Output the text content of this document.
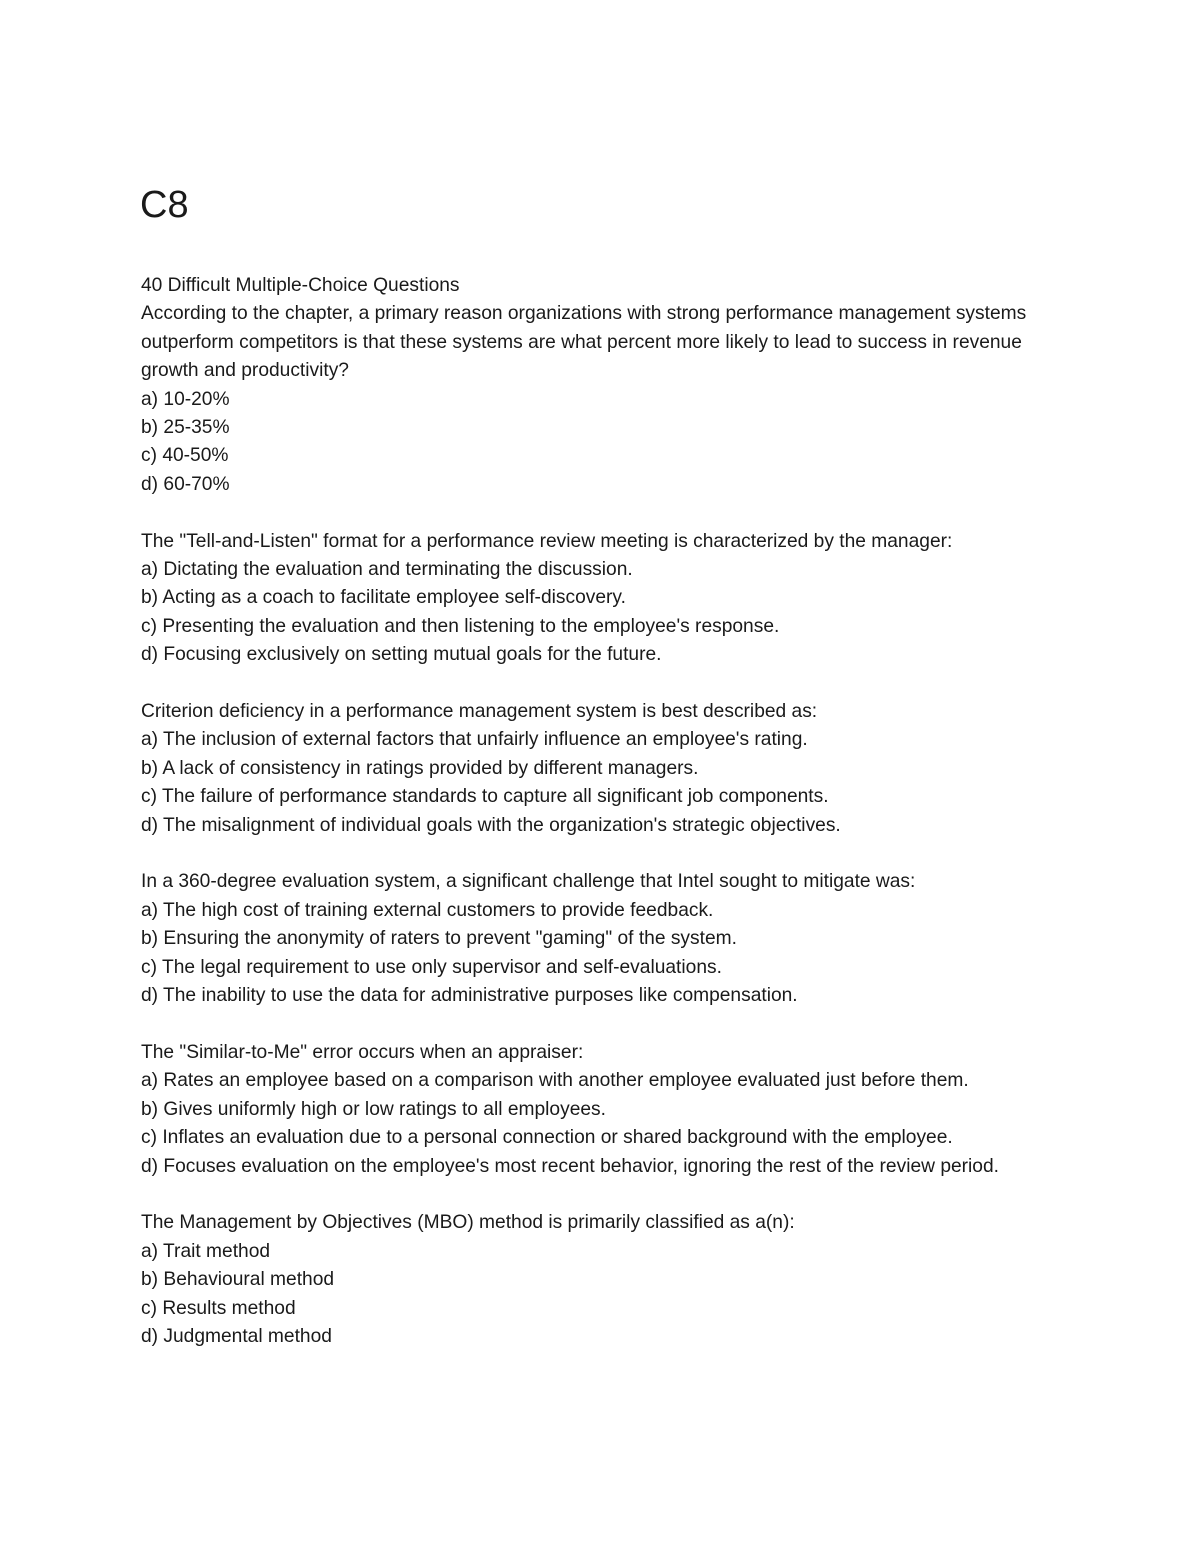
C8

40 Difficult Multiple-Choice Questions

According to the chapter, a primary reason organizations with strong performance management systems outperform competitors is that these systems are what percent more likely to lead to success in revenue growth and productivity?

a) 10-20%

b) 25-35%

c) 40-50%

d) 60-70%

The "Tell-and-Listen" format for a performance review meeting is characterized by the manager:

a) Dictating the evaluation and terminating the discussion.

b) Acting as a coach to facilitate employee self-discovery.

c) Presenting the evaluation and then listening to the employee's response.

d) Focusing exclusively on setting mutual goals for the future.

Criterion deficiency in a performance management system is best described as:

a) The inclusion of external factors that unfairly influence an employee's rating.

b) A lack of consistency in ratings provided by different managers.

c) The failure of performance standards to capture all significant job components.

d) The misalignment of individual goals with the organization's strategic objectives.

In a 360-degree evaluation system, a significant challenge that Intel sought to mitigate was:

a) The high cost of training external customers to provide feedback.

b) Ensuring the anonymity of raters to prevent "gaming" of the system.

c) The legal requirement to use only supervisor and self-evaluations.

d) The inability to use the data for administrative purposes like compensation.

The "Similar-to-Me" error occurs when an appraiser:

a) Rates an employee based on a comparison with another employee evaluated just before them.

b) Gives uniformly high or low ratings to all employees.

c) Inflates an evaluation due to a personal connection or shared background with the employee.

d) Focuses evaluation on the employee's most recent behavior, ignoring the rest of the review period.

The Management by Objectives (MBO) method is primarily classified as a(n):

a) Trait method

b) Behavioural method

c) Results method

d) Judgmental method
